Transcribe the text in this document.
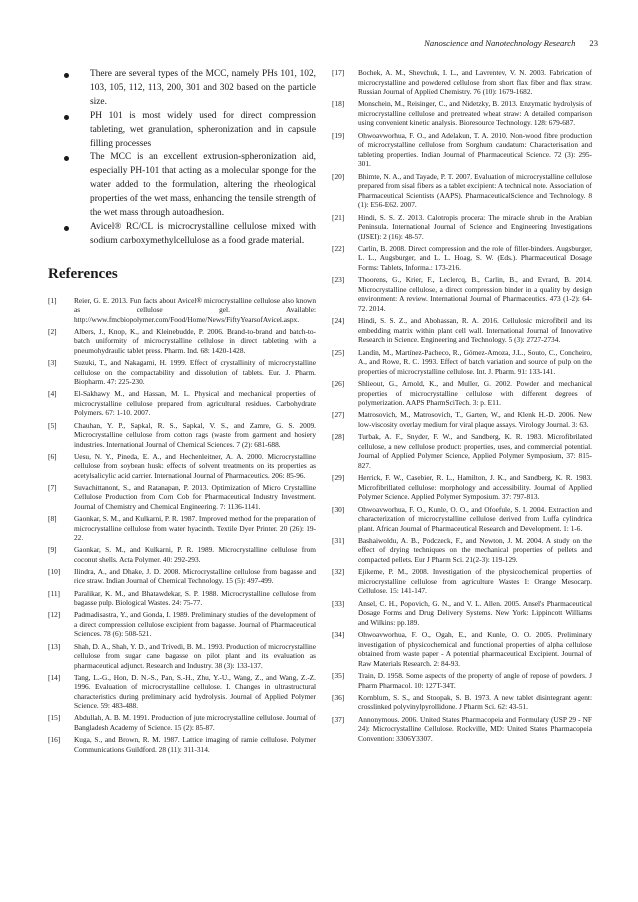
Nanoscience and Nanotechnology Research 23
There are several types of the MCC, namely PHs 101, 102, 103, 105, 112, 113, 200, 301 and 302 based on the particle size.
PH 101 is most widely used for direct compression tableting, wet granulation, spheronization and in capsule filling processes
The MCC is an excellent extrusion-spheronization aid, especially PH-101 that acting as a molecular sponge for the water added to the formulation, altering the rheological properties of the wet mass, enhancing the tensile strength of the wet mass through autoadhesion.
Avicel® RC/CL is microcrystalline cellulose mixed with sodium carboxymethylcellulose as a food grade material.
References
[1]	Reier, G. E. 2013. Fun facts about Avicel® microcrystalline cellulose also known as cellulose gel. Available: http://www.fmcbiopolymer.com/Food/Home/News/FiftyYearsofAvicel.aspx.
[2]	Albers, J., Knop, K., and Kleinebudde, P. 2006. Brand-to-brand and batch-to-batch uniformity of microcrystalline cellulose in direct tableting with a pneumohydraulic tablet press. Pharm. Ind. 68: 1420-1428.
[3]	Suzuki, T., and Nakagami, H. 1999. Effect of crystallinity of microcrystalline cellulose on the compactability and dissolution of tablets. Eur. J. Pharm. Biopharm. 47: 225-230.
[4]	El-Sakhawy M., and Hassan, M. L. Physical and mechanical properties of microcrystalline cellulose prepared from agricultural residues. Carbohydrate Polymers. 67: 1-10. 2007.
[5]	Chauhan, Y. P., Sapkal, R. S., Sapkal, V. S., and Zamre, G. S. 2009. Microcrystalline cellulose from cotton rags (waste from garment and hosiery industries. International Journal of Chemical Sciences. 7 (2): 681-688.
[6]	Uesu, N. Y., Pineda, E. A., and Hechenleitner, A. A. 2000. Microcrystalline cellulose from soybean husk: effects of solvent treatments on its properties as acetylsalicylic acid carrier. International Journal of Pharmaceutics. 206: 85-96.
[7]	Suvachittanont, S., and Ratanapan, P. 2013. Optimization of Micro Crystalline Cellulose Production from Corn Cob for Pharmaceutical Industry Investment. Journal of Chemistry and Chemical Engineering. 7: 1136-1141.
[8]	Gaonkar, S. M., and Kulkarni, P. R. 1987. Improved method for the preparation of microcrystalline cellulose from water hyacinth. Textile Dyer Printer. 20 (26): 19-22.
[9]	Gaonkar, S. M., and Kulkarni, P. R. 1989. Microcrystalline cellulose from coconut shells. Acta Polymer. 40: 292-293.
[10]	Ilindra, A., and Dhake, J. D. 2008. Microcrystalline cellulose from bagasse and rice straw. Indian Journal of Chemical Technology. 15 (5): 497-499.
[11]	Paralikar, K. M., and Bhatawdekar, S. P. 1988. Microcrystalline cellulose from bagasse pulp. Biological Wastes. 24: 75-77.
[12]	Padmadisastra, Y., and Gonda, I. 1989. Preliminary studies of the development of a direct compression cellulose excipient from bagasse. Journal of Pharmaceutical Sciences. 78 (6): 508-521.
[13]	Shah, D. A., Shah, Y. D., and Trivedi, B. M.. 1993. Production of microcrystalline cellulose from sugar cane bagasse on pilot plant and its evaluation as pharmaceutical adjunct. Research and Industry. 38 (3): 133-137.
[14]	Tang, L.-G., Hon, D. N.-S., Pan, S.-H., Zhu, Y.-U., Wang, Z., and Wang, Z.-Z. 1996. Evaluation of microcrystalline cellulose. I. Changes in ultrastructural characteristics during preliminary acid hydrolysis. Journal of Applied Polymer Science. 59: 483-488.
[15]	Abdullah, A. B. M. 1991. Production of jute microcrystalline cellulose. Journal of Bangladesh Academy of Science. 15 (2): 85-87.
[16]	Kuga, S., and Brown, R. M. 1987. Lattice imaging of ramie cellulose. Polymer Communications Guildford. 28 (11): 311-314.
[17]	Bochek, A. M., Shevchuk, I. L., and Lavrentev, V. N. 2003. Fabrication of microcrystalline and powdered cellulose from short flax fiber and flax straw. Russian Journal of Applied Chemistry. 76 (10): 1679-1682.
[18]	Monschein, M., Reisinger, C., and Nidetzky, B. 2013. Enzymatic hydrolysis of microcrystalline cellulose and pretreated wheat straw: A detailed comparison using convenient kinetic analysis. Bioresource Technology. 128: 679-687.
[19]	Ohwoavworhua, F. O., and Adelakun, T. A. 2010. Non-wood fibre production of microcrystalline cellulose from Sorghum caudatum: Characterisation and tableting properties. Indian Journal of Pharmaceutical Science. 72 (3): 295-301.
[20]	Bhimte, N. A., and Tayade, P. T. 2007. Evaluation of microcrystalline cellulose prepared from sisal fibers as a tablet excipient: A technical note. Association of Pharmaceutical Scientists (AAPS). PharmaceuticalScience and Technology. 8 (1): E56-E62. 2007.
[21]	Hindi, S. S. Z. 2013. Calotropis procera: The miracle shrub in the Arabian Peninsula. International Journal of Science and Engineering Investigations (IJSEI): 2 (16): 48-57.
[22]	Carlin, B. 2008. Direct compression and the role of filler-binders. Augsburger, L. L., Augsburger, and L. L. Hoag, S. W. (Eds.). Pharmaceutical Dosage Forms: Tablets, Informa.: 173-216.
[23]	Thoorens, G., Krier, F., Leclercq, B., Carlin, B., and Evrard, B. 2014. Microcrystalline cellulose, a direct compression binder in a quality by design environment: A review. International Journal of Pharmaceutics. 473 (1-2): 64-72. 2014.
[24]	Hindi, S. S. Z., and Abohassan, R. A. 2016. Cellulosic microfibril and its embedding matrix within plant cell wall. International Journal of Innovative Research in Science. Engineering and Technology. 5 (3): 2727-2734.
[25]	Landín, M., Martínez-Pacheco, R., Gómez-Amoza, J.L., Souto, C., Concheiro, A., and Rowe, R. C. 1993. Effect of batch variation and source of pulp on the properties of microcrystalline cellulose. Int. J. Pharm. 91: 133-141.
[26]	Shlieout, G., Arnold, K., and Muller, G. 2002. Powder and mechanical properties of microcrystalline cellulose with different degrees of polymerization. AAPS PharmSciTech. 3: p. E11.
[27]	Matrosovich, M., Matrosovich, T., Garten, W., and Klenk H.-D. 2006. New low-viscosity overlay medium for viral plaque assays. Virology Journal. 3: 63.
[28]	Turbak, A. F., Snyder, F. W., and Sandberg, K. R. 1983. Microfibrilated cellulose, a new cellulose product: properties, uses, and commercial potential. Journal of Applied Polymer Science, Applied Polymer Symposium, 37: 815-827.
[29]	Herrick, F. W., Casebier, R. L., Hamilton, J. K., and Sandberg, K. R. 1983. Microfibrillated cellulose: morphology and accessibility. Journal of Applied Polymer Science. Applied Polymer Symposium. 37: 797-813.
[30]	Ohwoavworhua, F. O., Kunle, O. O., and Ofoefule, S. I. 2004. Extraction and characterization of microcrystalline cellulose derived from Luffa cylindrica plant. African Journal of Pharmaceutical Research and Development. 1: 1-6.
[31]	Bashaiwoldu, A. B., Podczeck, F., and Newton, J. M. 2004. A study on the effect of drying techniques on the mechanical properties of pellets and compacted pellets. Eur J Pharm Sci. 21(2-3): 119-129.
[32]	Ejikeme, P. M., 2008. Investigation of the physicochemical properties of microcrystalline cellulose from agriculture Wastes I: Orange Mesocarp. Cellulose. 15: 141-147.
[33]	Ansel, C. H., Popovich, G. N., and V. L. Allen. 2005. Ansel's Pharmaceutical Dosage Forms and Drug Delivery Systems. New York: Lippincott Williams and Wilkins: pp.189.
[34]	Ohwoavworhua, F. O., Ogah, E., and Kunle, O. O. 2005. Preliminary investigation of physicochemical and functional properties of alpha cellulose obtained from waste paper - A potential pharmaceutical Excipient. Journal of Raw Materials Research. 2: 84-93.
[35]	Train, D. 1958. Some aspects of the property of angle of repose of powders. J Pharm Pharmacol. 10: 127T-34T.
[36]	Kornblum, S. S., and Stoopak, S. B. 1973. A new tablet disintegrant agent: crosslinked polyvinylpyrollidone. J Pharm Sci. 62: 43-51.
[37]	Annonymous. 2006. United States Pharmacopeia and Formulary (USP 29 - NF 24): Microcrystalline Cellulose. Rockville, MD: United States Pharmacopeia Convention: 3306Y3307.
